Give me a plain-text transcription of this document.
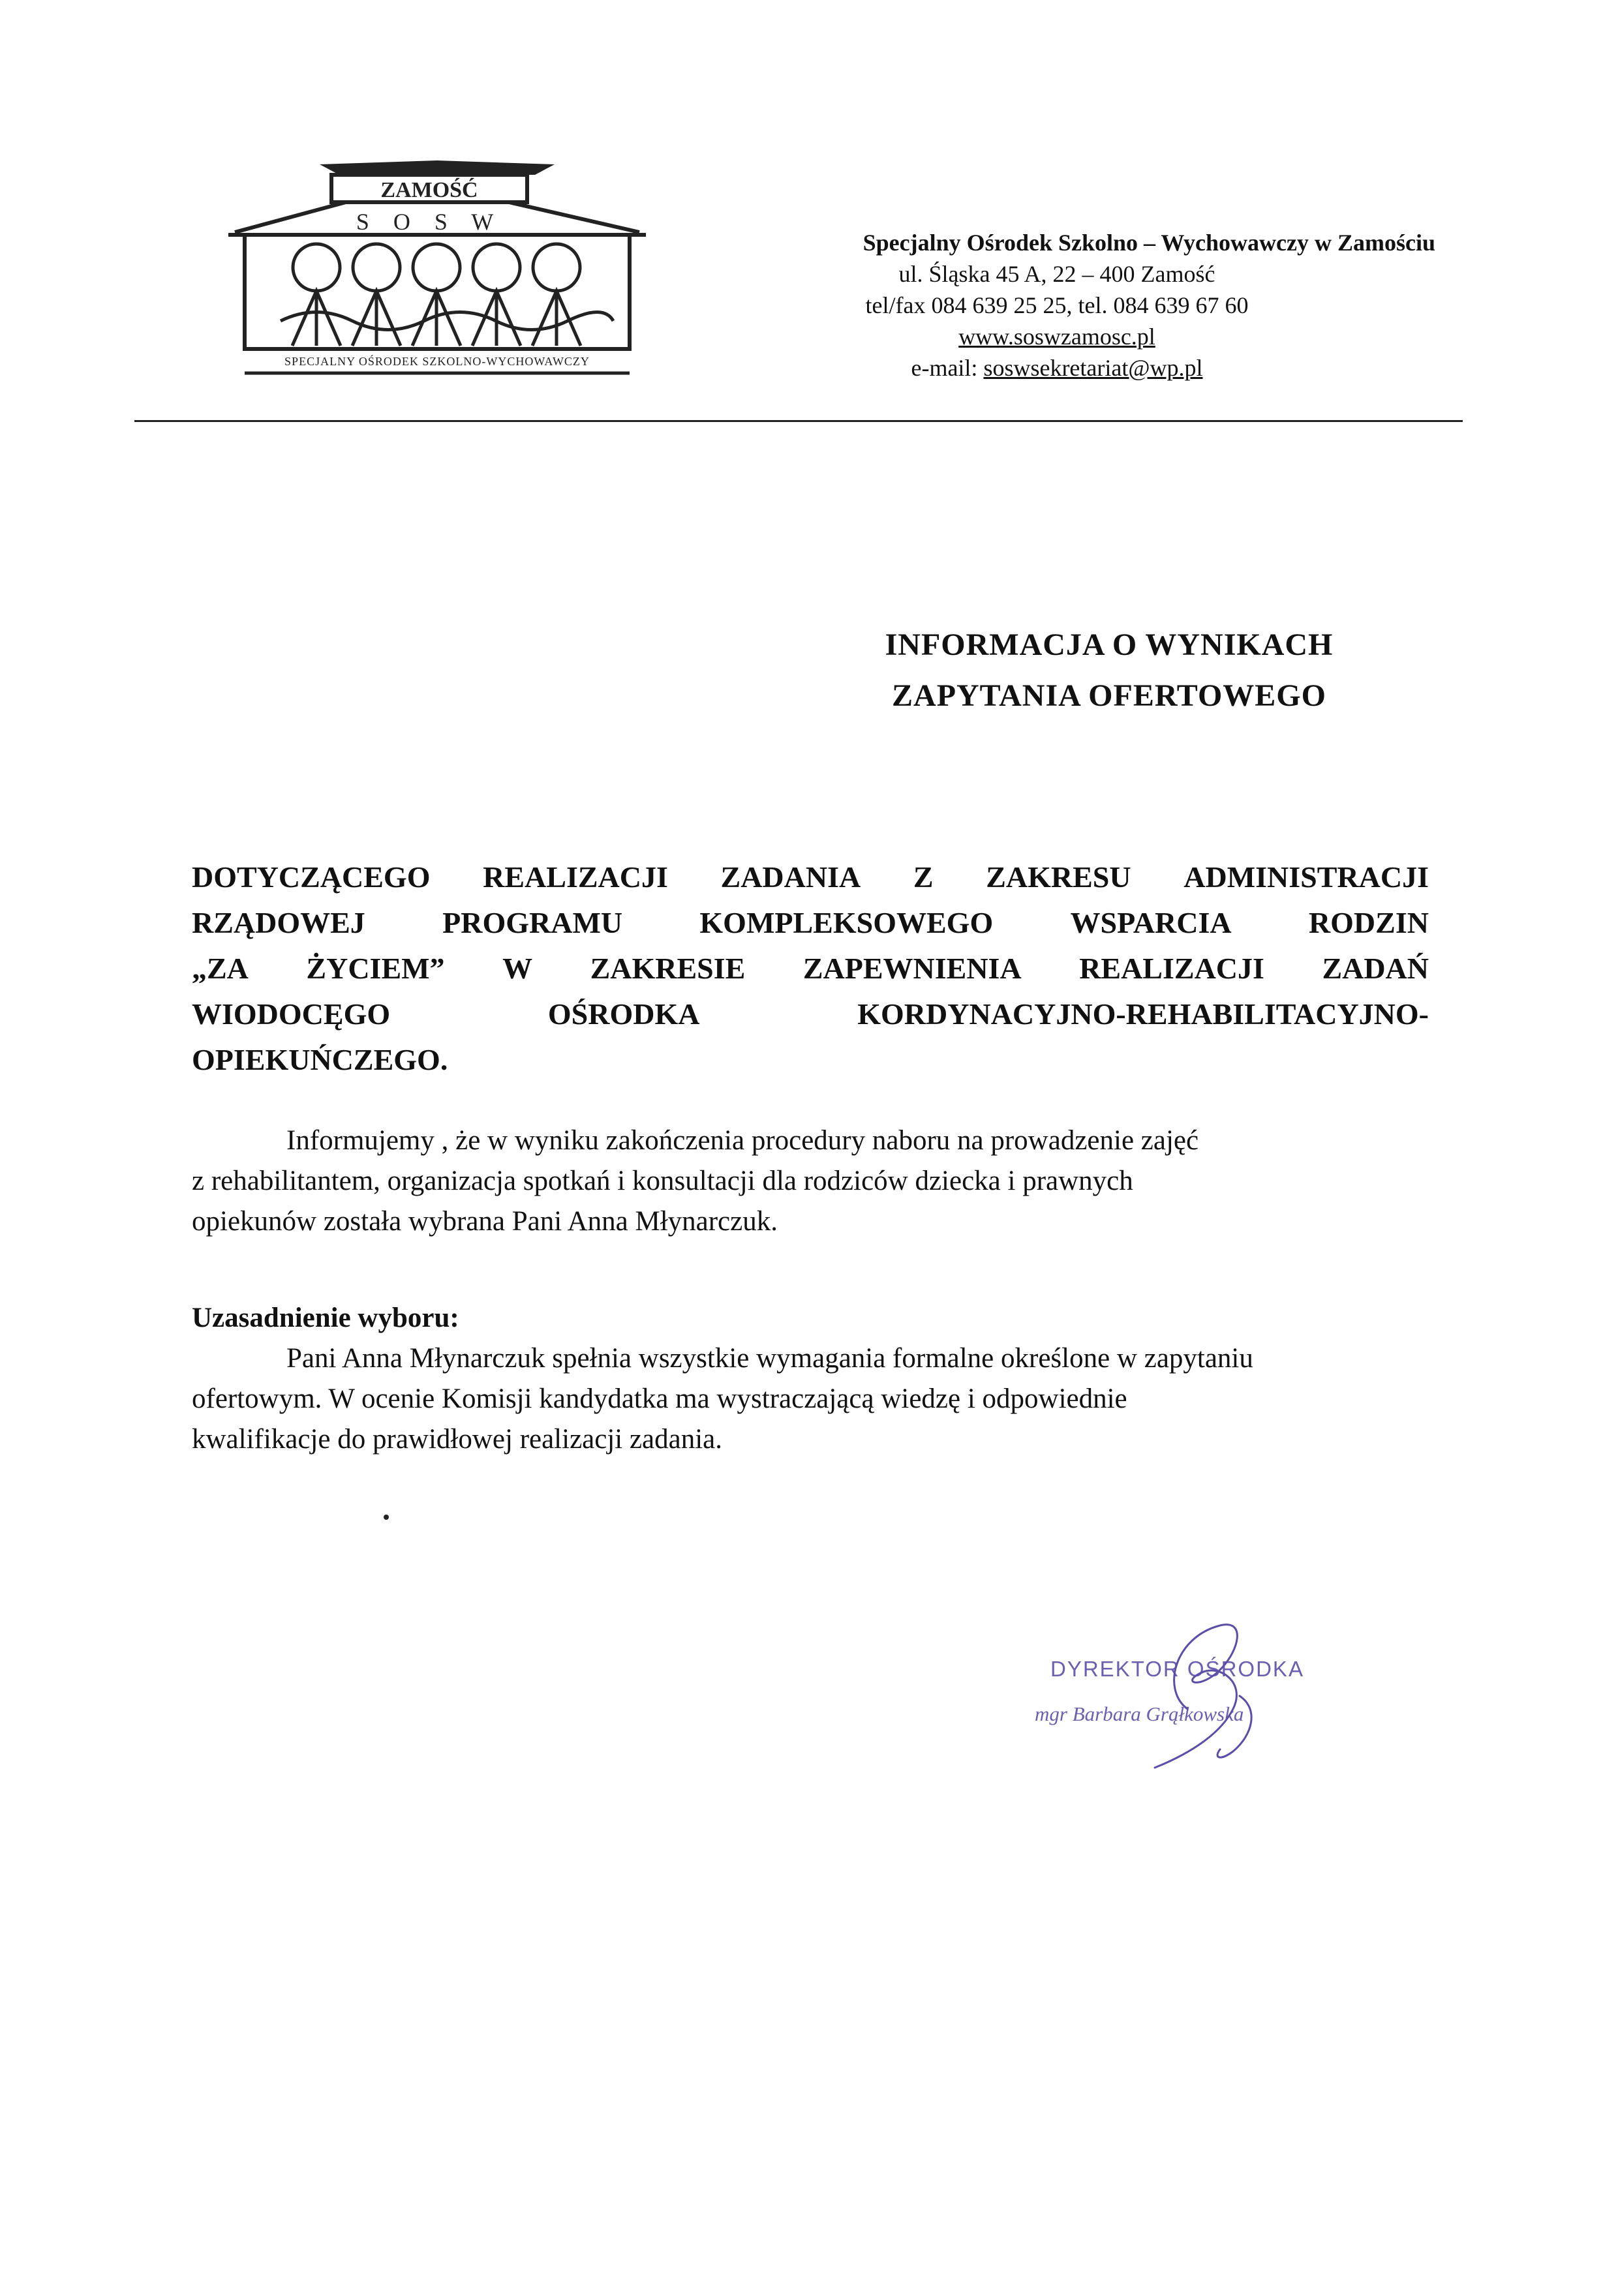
ZAMOŚĆ
S O S W
SPECJALNY OŚRODEK SZKOLNO-WYCHOWAWCZY
Specjalny Ośrodek Szkolno – Wychowawczy w Zamościu
ul. Śląska 45 A, 22 – 400 Zamość
tel/fax 084 639 25 25, tel. 084 639 67 60
www.soswzamosc.pl
e-mail: soswsekretariat@wp.pl
INFORMACJA O WYNIKACH
ZAPYTANIA OFERTOWEGO
DOTYCZĄCEGO REALIZACJI ZADANIA Z ZAKRESU ADMINISTRACJI
RZĄDOWEJ	PROGRAMU	KOMPLEKSOWEGO	WSPARCIA	RODZIN
„ZA ŻYCIEM” W ZAKRESIE ZAPEWNIENIA REALIZACJI ZADAŃ
WIODOCĘGO	OŚRODKA	KORDYNACYJNO-REHABILITACYJNO-
OPIEKUŃCZEGO.
Informujemy , że w wyniku zakończenia procedury naboru na prowadzenie zajęć
z rehabilitantem, organizacja spotkań i konsultacji dla rodziców dziecka i prawnych
opiekunów została wybrana Pani Anna Młynarczuk.
Uzasadnienie wyboru:
Pani Anna Młynarczuk spełnia wszystkie wymagania formalne określone w zapytaniu
ofertowym. W ocenie Komisji kandydatka ma wystraczającą wiedzę i odpowiednie
kwalifikacje do prawidłowej realizacji zadania.
DYREKTOR OŚRODKA
mgr Barbara Grąłkowska
